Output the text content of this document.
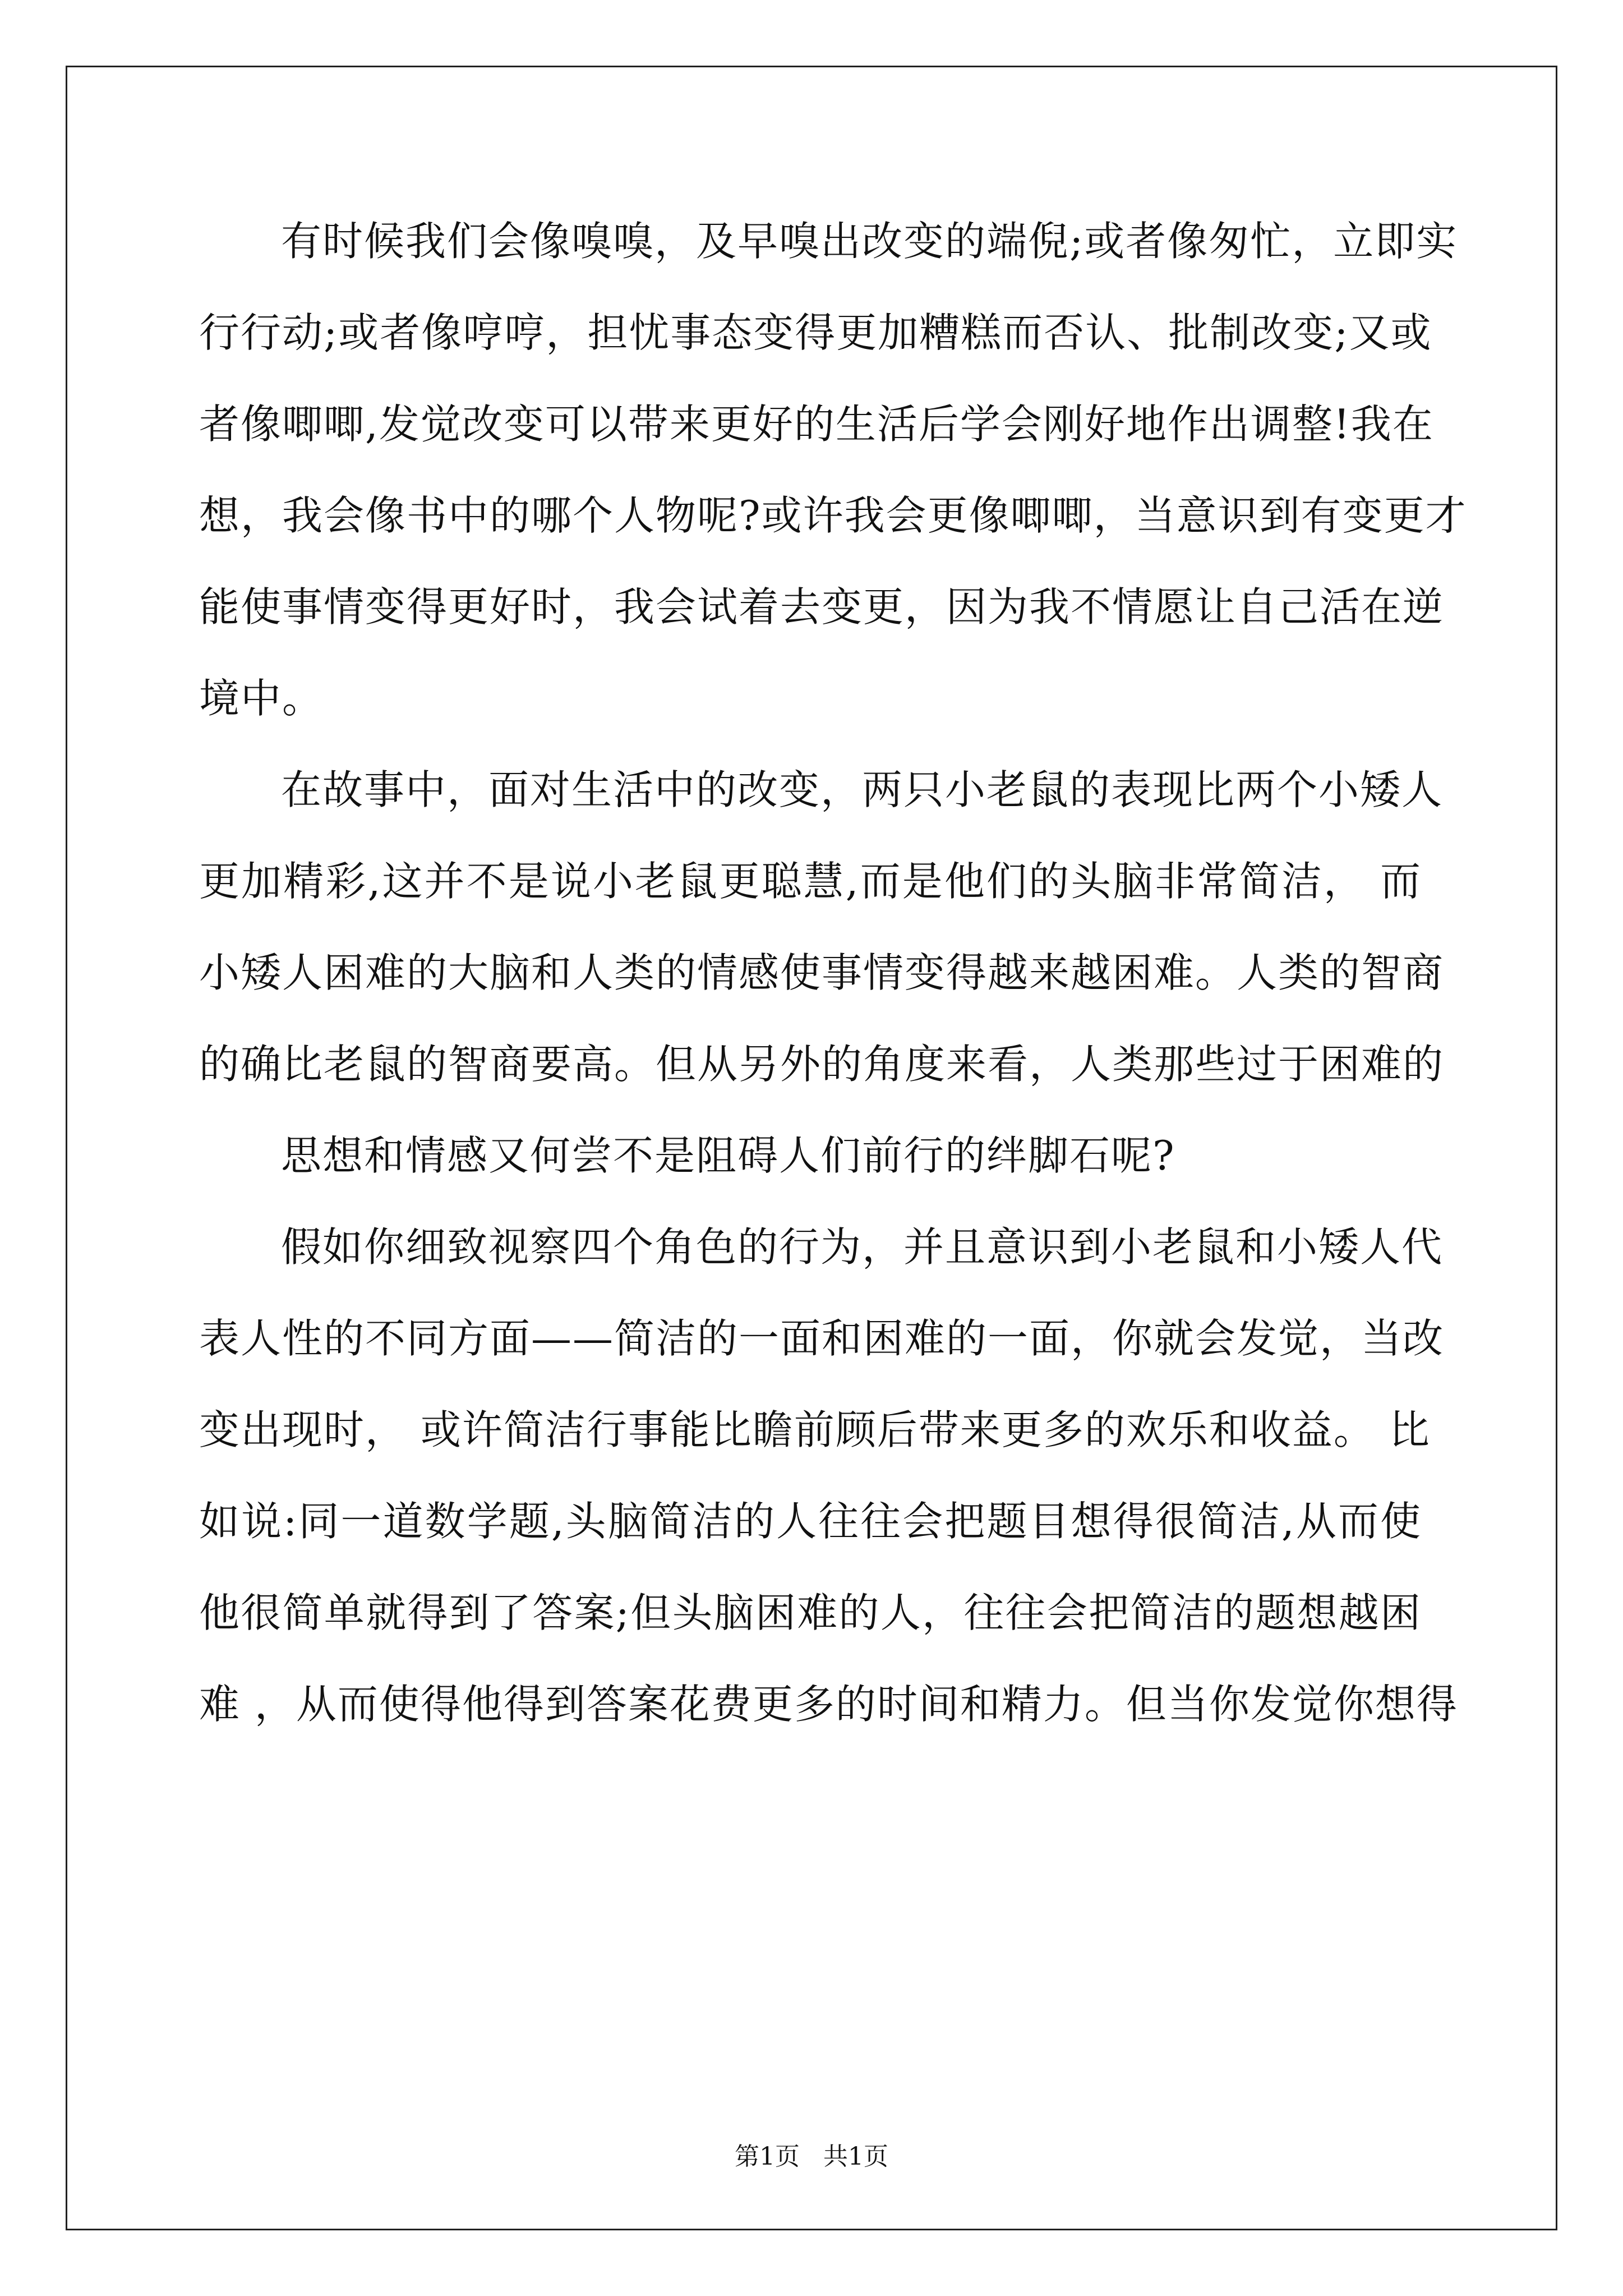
有时候我们会像嗅嗅，及早嗅出改变的端倪;或者像匆忙，立即实
行行动;或者像哼哼，担忧事态变得更加糟糕而否认、批制改变;又或
者像唧唧,发觉改变可以带来更好的生活后学会刚好地作出调整!我在
想，我会像书中的哪个人物呢?或许我会更像唧唧，当意识到有变更才
能使事情变得更好时，我会试着去变更，因为我不情愿让自己活在逆
境中。
在故事中，面对生活中的改变，两只小老鼠的表现比两个小矮人
更加精彩,这并不是说小老鼠更聪慧,而是他们的头脑非常简洁， 而
小矮人困难的大脑和人类的情感使事情变得越来越困难。人类的智商
的确比老鼠的智商要高。但从另外的角度来看，人类那些过于困难的
思想和情感又何尝不是阻碍人们前行的绊脚石呢?
假如你细致视察四个角色的行为，并且意识到小老鼠和小矮人代
表人性的不同方面——简洁的一面和困难的一面，你就会发觉，当改
变出现时， 或许简洁行事能比瞻前顾后带来更多的欢乐和收益。 比
如说:同一道数学题,头脑简洁的人往往会把题目想得很简洁,从而使
他很简单就得到了答案;但头脑困难的人，往往会把简洁的题想越困
难 ，从而使得他得到答案花费更多的时间和精力。但当你发觉你想得
第1页   共1页
